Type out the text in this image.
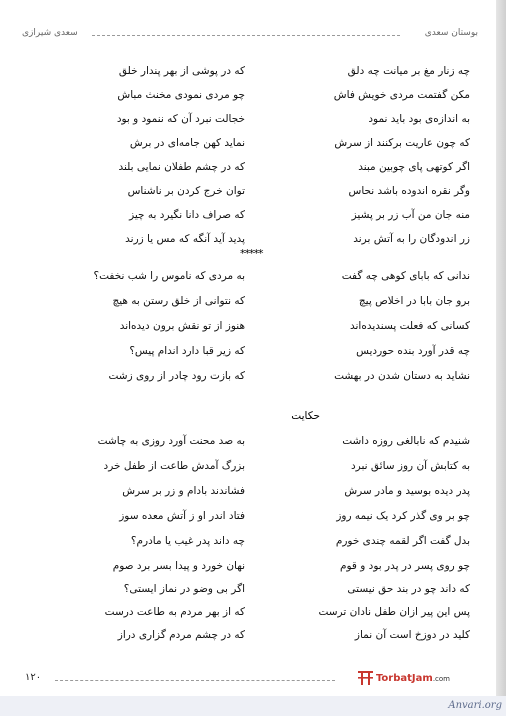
بوستان سعدی
سعدی شیرازی
چه زنار مغ بر میانت چه دلق
مکن گفتمت مردی خویش فاش
به اندازه‌ی بود باید نمود
که چون عاریت برکنند از سرش
اگر کوتهی پای چوبین مبند
وگر نقره اندوده باشد نحاس
منه جان من آب زر بر پشیز
زر اندودگان را به آتش برند
که در پوشی از بهر پندار خلق
چو مردی نمودی مخنث مباش
خجالت نبرد آن که ننمود و بود
نماید کهن جامه‌ای در برش
که در چشم طفلان نمایی بلند
توان خرج کردن بر ناشناس
که صراف دانا نگیرد به چیز
پدید آید آنگه که مس یا زرند
*****
ندانی که بابای کوهی چه گفت
برو جان بابا در اخلاص پیچ
کسانی که فعلت پسندیده‌اند
چه قدر آورد بنده حوردیس
نشاید به دستان شدن در بهشت
به مردی که ناموس را شب نخفت؟
که نتوانی از خلق رستن به هیچ
هنوز از تو نقش برون دیده‌اند
که زیر قبا دارد اندام پیس؟
که بازت رود چادر از روی زشت
حکایت
شنیدم که نابالغی روزه داشت
به کتابش آن روز سائق نبرد
پدر دیده بوسید و مادر سرش
چو بر وی گذر کرد یک نیمه روز
بدل گفت اگر لقمه چندی خورم
چو روی پسر در پدر بود و قوم
که داند چو در بند حق نیستی
پس این پیر ازان طفل نادان ترست
کلید در دوزخ است آن نماز
به صد محنت آورد روزی به چاشت
بزرگ آمدش طاعت از طفل خرد
فشاندند بادام و زر بر سرش
فتاد اندر او ز آتش معده سوز
چه داند پدر غیب یا مادرم؟
نهان خورد و پیدا بسر برد صوم
اگر بی وضو در نماز ایستی؟
که از بهر مردم به طاعت درست
که در چشم مردم گزاری دراز
۱۲۰	TorbatJam.com
Anvari.org
